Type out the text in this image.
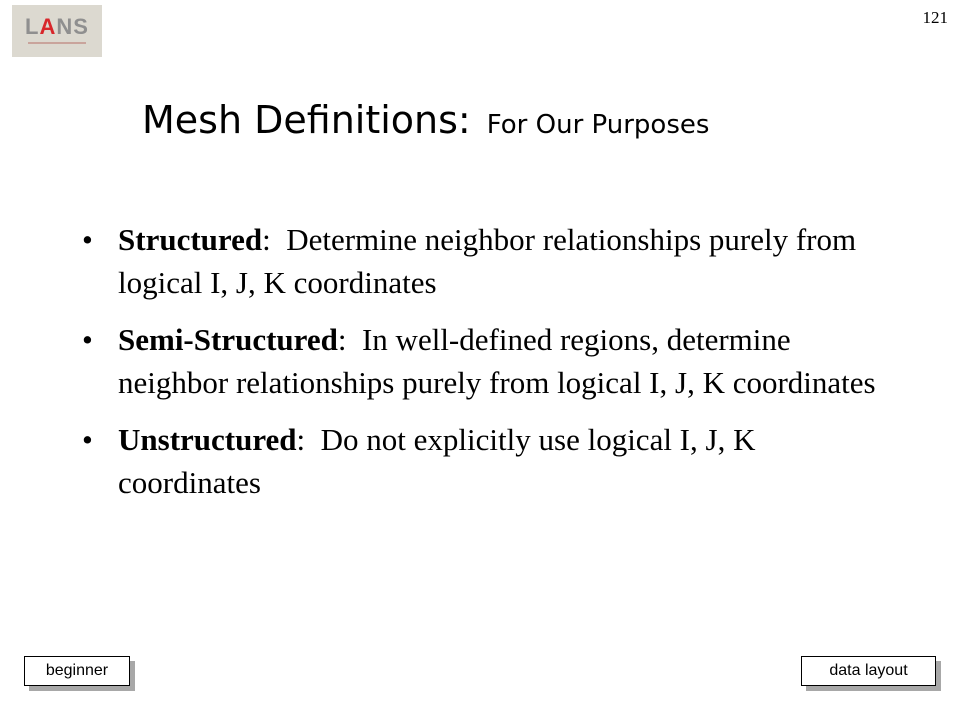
LANS	121
Mesh Definitions: For Our Purposes
• Structured:  Determine neighbor relationships purely from logical I, J, K coordinates
• Semi-Structured:  In well-defined regions, determine neighbor relationships purely from logical I, J, K coordinates
• Unstructured:  Do not explicitly use logical I, J, K coordinates
beginner	data layout
